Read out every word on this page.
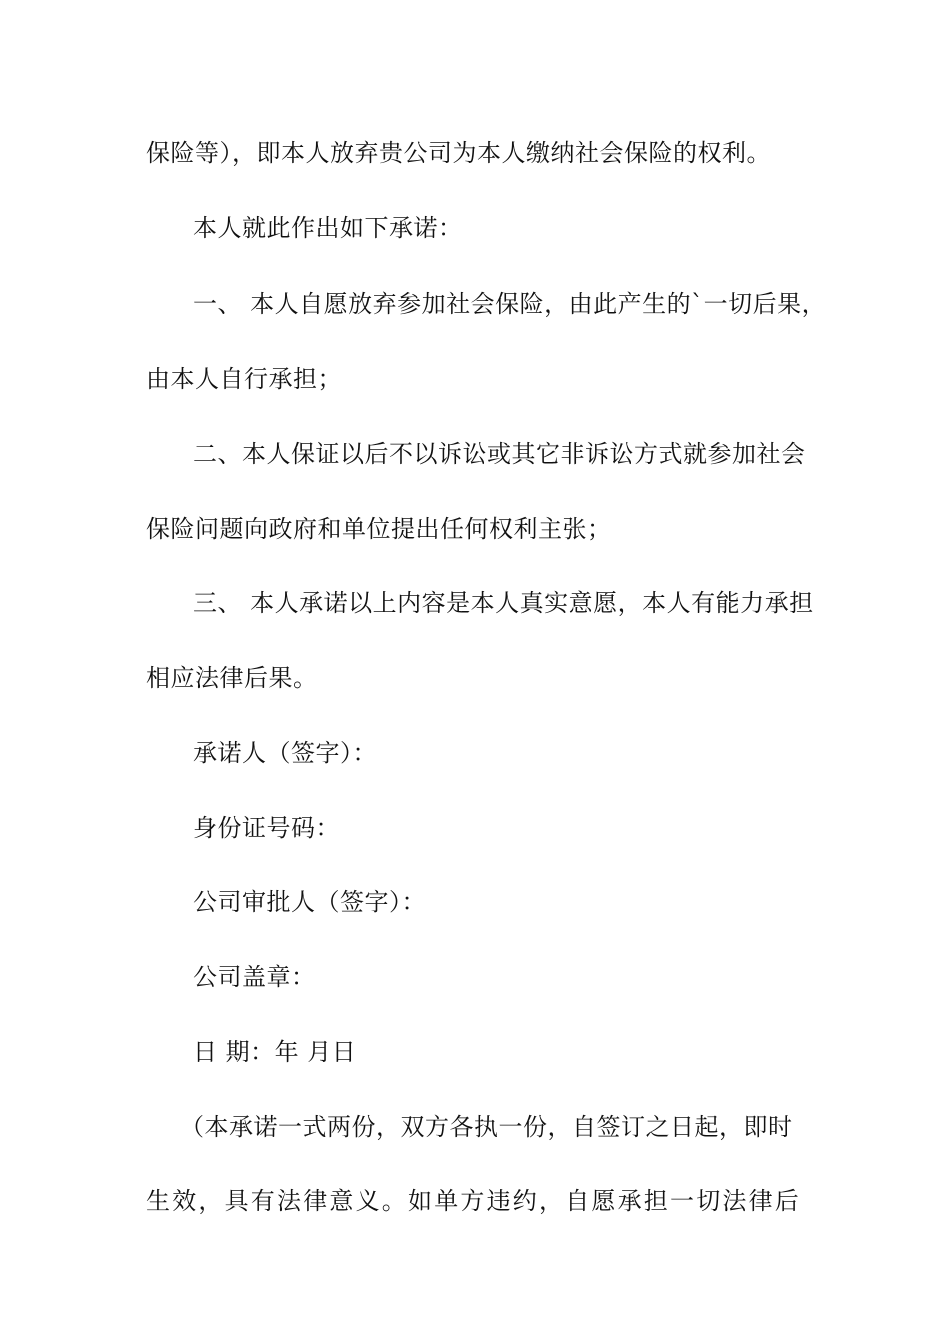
保险等），即本人放弃贵公司为本人缴纳社会保险的权利。
本人就此作出如下承诺：
一、 本人自愿放弃参加社会保险，由此产生的`一切后果，
由本人自行承担；
二、本人保证以后不以诉讼或其它非诉讼方式就参加社会
保险问题向政府和单位提出任何权利主张；
三、 本人承诺以上内容是本人真实意愿，本人有能力承担
相应法律后果。
承诺人（签字）：
身份证号码：
公司审批人（签字）：
公司盖章：
日 期：年 月日
（本承诺一式两份，双方各执一份，自签订之日起，即时
生效，具有法律意义。如单方违约，自愿承担一切法律后
